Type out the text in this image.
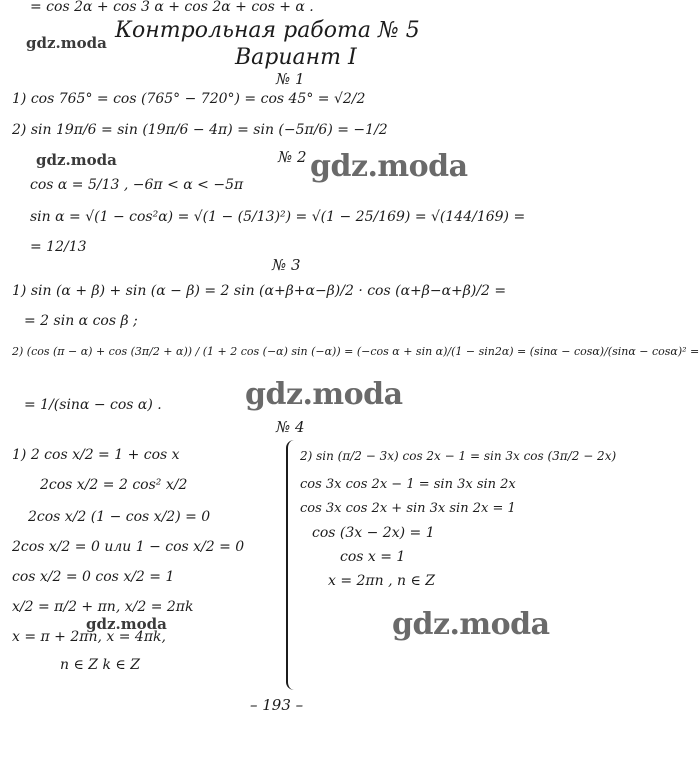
= cos 2α + cos 3 α + cos 2α + cos + α .
Контрольная работа № 5
Вариант I
gdz.moda
gdz.moda	gdz.moda
gdz.moda
gdz.moda	gdz.moda
№ 1
1) cos 765° = cos (765° − 720°) = cos 45° = √2/2
2) sin 19π/6 = sin (19π/6 − 4π) = sin (−5π/6) = −1/2
№ 2
cos α = 5/13 , −6π < α < −5π
sin α = √(1 − cos²α) = √(1 − (5/13)²) = √(1 − 25/169) = √(144/169) =
= 12/13
№ 3
1) sin (α + β) + sin (α − β) = 2 sin (α+β+α−β)/2 · cos (α+β−α+β)/2 =
= 2 sin α cos β ;
2) (cos (π − α) + cos (3π/2 + α)) / (1 + 2 cos (−α) sin (−α)) = (−cos α + sin α)/(1 − sin2α) = (sinα − cosα)/(sinα − cosα)² =
= 1/(sinα − cos α) .
№ 4
1) 2 cos x/2 = 1 + cos x
2cos x/2 = 2 cos² x/2
2cos x/2 (1 − cos x/2) = 0
2cos x/2 = 0 или 1 − cos x/2 = 0
cos x/2 = 0 cos x/2 = 1
x/2 = π/2 + πn, x/2 = 2πk
x = π + 2πn, x = 4πk,
n ∈ Z k ∈ Z
2) sin (π/2 − 3x) cos 2x − 1 = sin 3x cos (3π/2 − 2x)
cos 3x cos 2x − 1 = sin 3x sin 2x
cos 3x cos 2x + sin 3x sin 2x = 1
cos (3x − 2x) = 1
cos x = 1
x = 2πn , n ∈ Z
– 193 –
